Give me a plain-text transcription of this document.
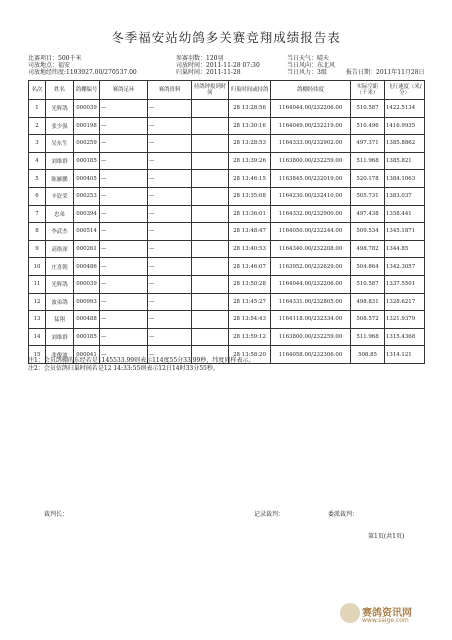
冬季福安站幼鸽多关赛竞翔成绩报告表
比赛项目：500千米	参赛羽数：120羽	当日天气：晴天
司放地点：福安	司放时间：2011-11-28 07:30	当日风向：东北风
司放地经纬度:1193927.00/270537.00	归巢时间：2011-11-28	当日风力：3级	报告日期：2011年11月28日
名次	姓名	鸽棚编号	赛鸽足环	赛鸽资料	持鸽钟报到时间	归巢时间或持鸽	鸽棚经纬度	实际空距（千米）	飞行速度（米/分）
1	光辉鸽	000039	—	—		28 13:28:56	1164044.00/232206.00	510.587	1422.5134
2	张少强	000198	—	—		28 13:30:16	1164049.00/232219.00	510.496	1416.9935
3	吴东生	000259	—	—		28 13:28:53	1164333.00/232902.00	497.371	1385.8862
4	刘维群	000185	—	—		28 13:39:26	1163800.00/232259.00	511.968	1385.821
5	陈雁鹏	000405	—	—		28 13:46:15	1163845.00/232019.00	520.178	1384.1063
6	辛钦荣	000253	—	—		28 13:35:08	1164230.00/232410.00	505.731	1383.037
7	忠弟	000394	—	—		28 13:36:01	1164332.00/232900.00	497.438	1358.441
8	李武杰	000514	—	—		28 13:48:47	1164050.00/232244.00	509.534	1345.1871
9	高焕深	000261	—	—		28 13:40:53	1164340.00/232208.00	498.782	1344.85
10	庄喜朝	000486	—	—		28 13:46:07	1163952.00/232629.00	504.864	1342.3057
11	光辉鸽	000039	—	—		28 13:50:28	1164044.00/232206.00	510.587	1337.5501
12	波弟鸽	000993	—	—		28 13:45:27	1164331.00/232805.00	498.831	1328.6217
13	猛翔	000488	—	—		28 13:54:43	1164118.00/232334.00	508.572	1321.9379
14	刘维群	000185	—	—		28 13:59:12	1163800.00/232259.00	511.968	1315.4368
15	张俊波	000041	—	—		28 13:58:20	1164058.00/232306.00	508.85	1314.121
注1：会员鸽棚的东经若是1145533.99则表示114度55分33.99秒，纬度同样表示。
注2：会员信鸽归巢时间若是12 14:33:55则表示12日14时33分55秒。
裁判长：	记录裁判：	委派裁判：
第1页(共1页)
赛鸽资讯网
www.saige.com
